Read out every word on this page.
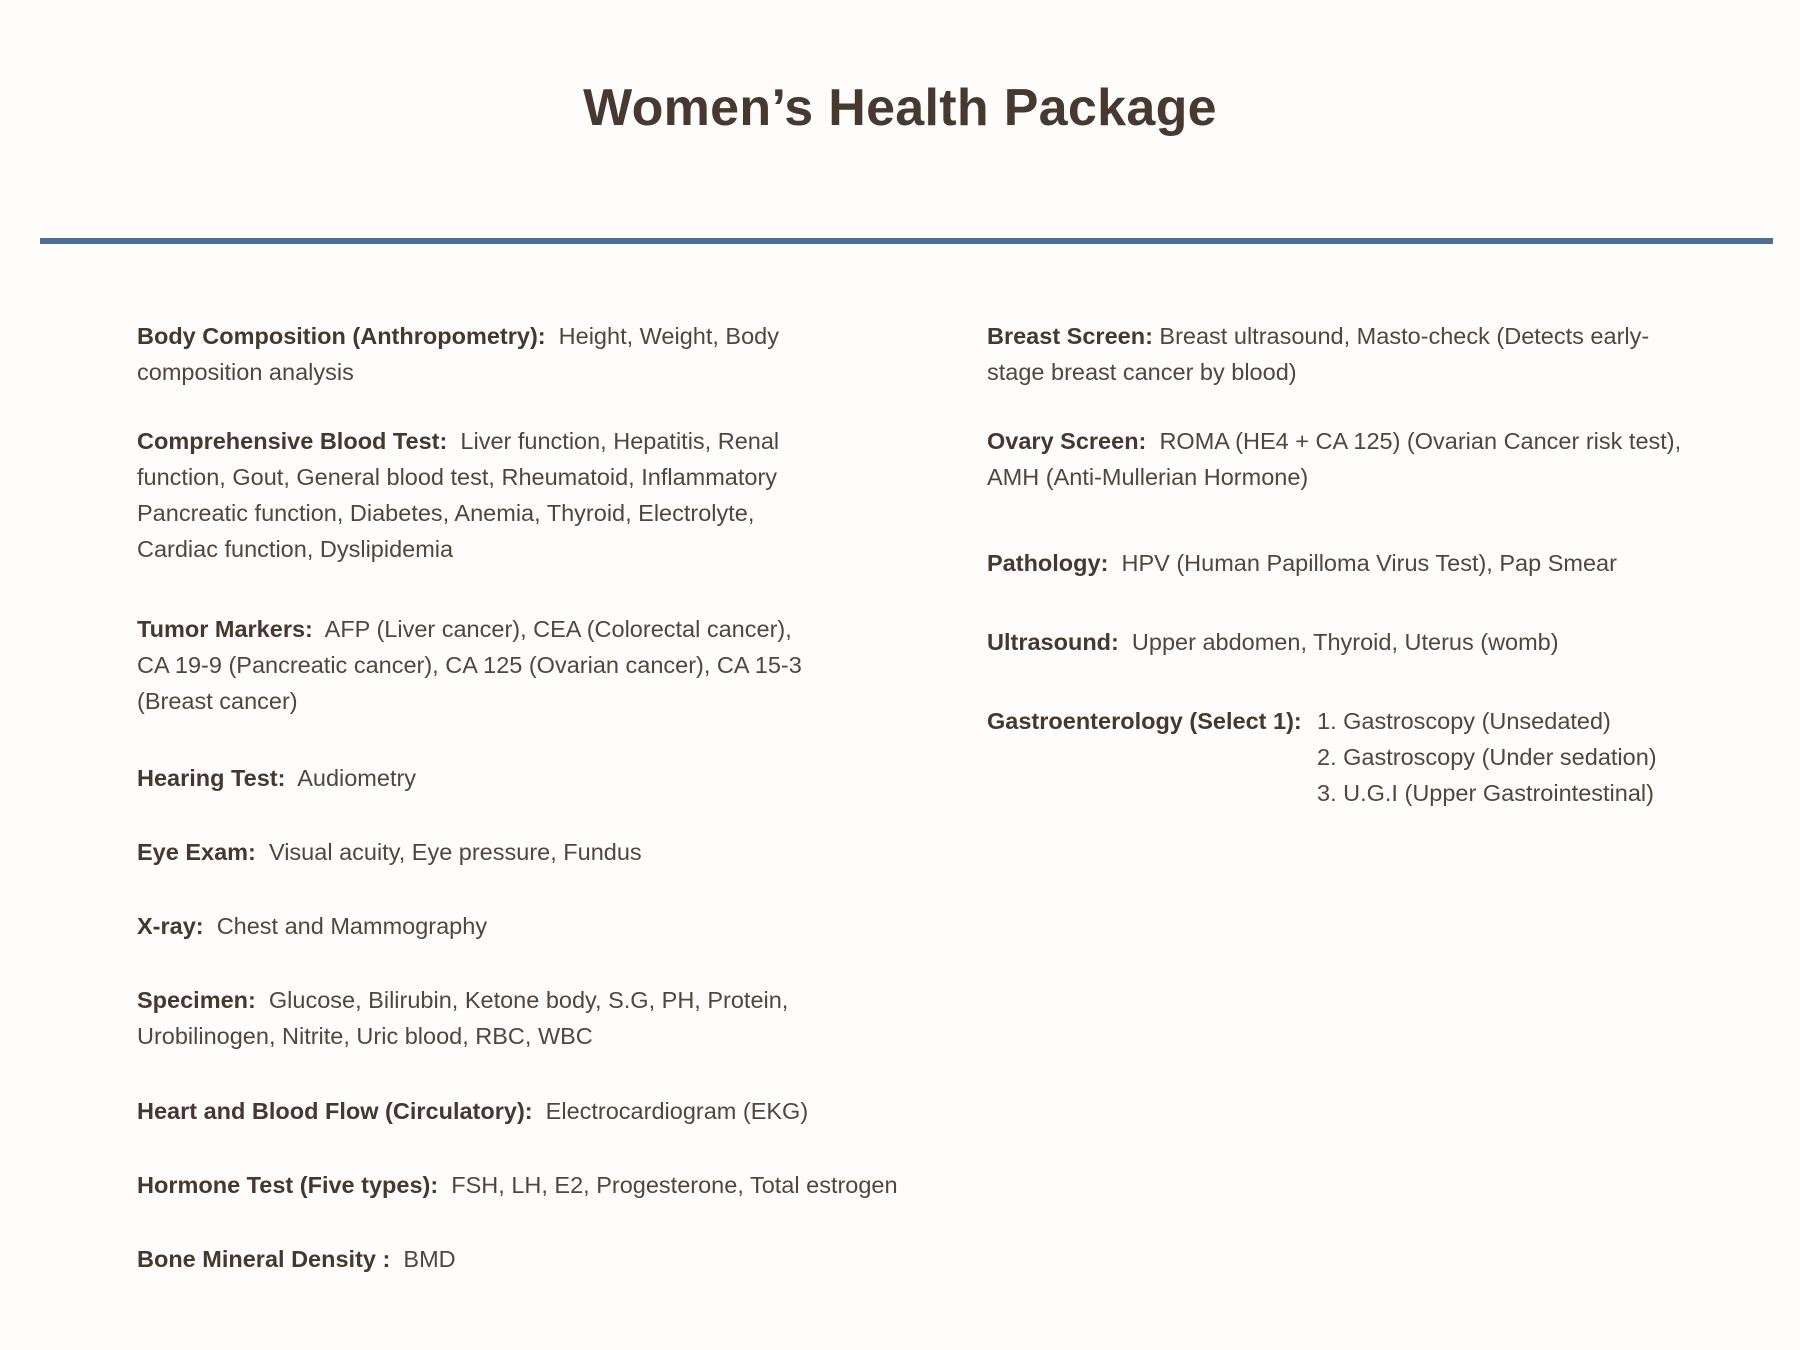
Women’s Health Package

Body Composition (Anthropometry): Height, Weight, Body composition analysis

Comprehensive Blood Test: Liver function, Hepatitis, Renal function, Gout, General blood test, Rheumatoid, Inflammatory Pancreatic function, Diabetes, Anemia, Thyroid, Electrolyte, Cardiac function, Dyslipidemia

Tumor Markers: AFP (Liver cancer), CEA (Colorectal cancer), CA 19-9 (Pancreatic cancer), CA 125 (Ovarian cancer), CA 15-3 (Breast cancer)

Hearing Test: Audiometry

Eye Exam: Visual acuity, Eye pressure, Fundus

X-ray: Chest and Mammography

Specimen: Glucose, Bilirubin, Ketone body, S.G, PH, Protein, Urobilinogen, Nitrite, Uric blood, RBC, WBC

Heart and Blood Flow (Circulatory): Electrocardiogram (EKG)

Hormone Test (Five types): FSH, LH, E2, Progesterone, Total estrogen

Bone Mineral Density : BMD

Breast Screen: Breast ultrasound, Masto-check (Detects early-stage breast cancer by blood)

Ovary Screen: ROMA (HE4 + CA 125) (Ovarian Cancer risk test), AMH (Anti-Mullerian Hormone)

Pathology: HPV (Human Papilloma Virus Test), Pap Smear

Ultrasound: Upper abdomen, Thyroid, Uterus (womb)

Gastroenterology (Select 1): 1. Gastroscopy (Unsedated)
2. Gastroscopy (Under sedation)
3. U.G.I (Upper Gastrointestinal)
